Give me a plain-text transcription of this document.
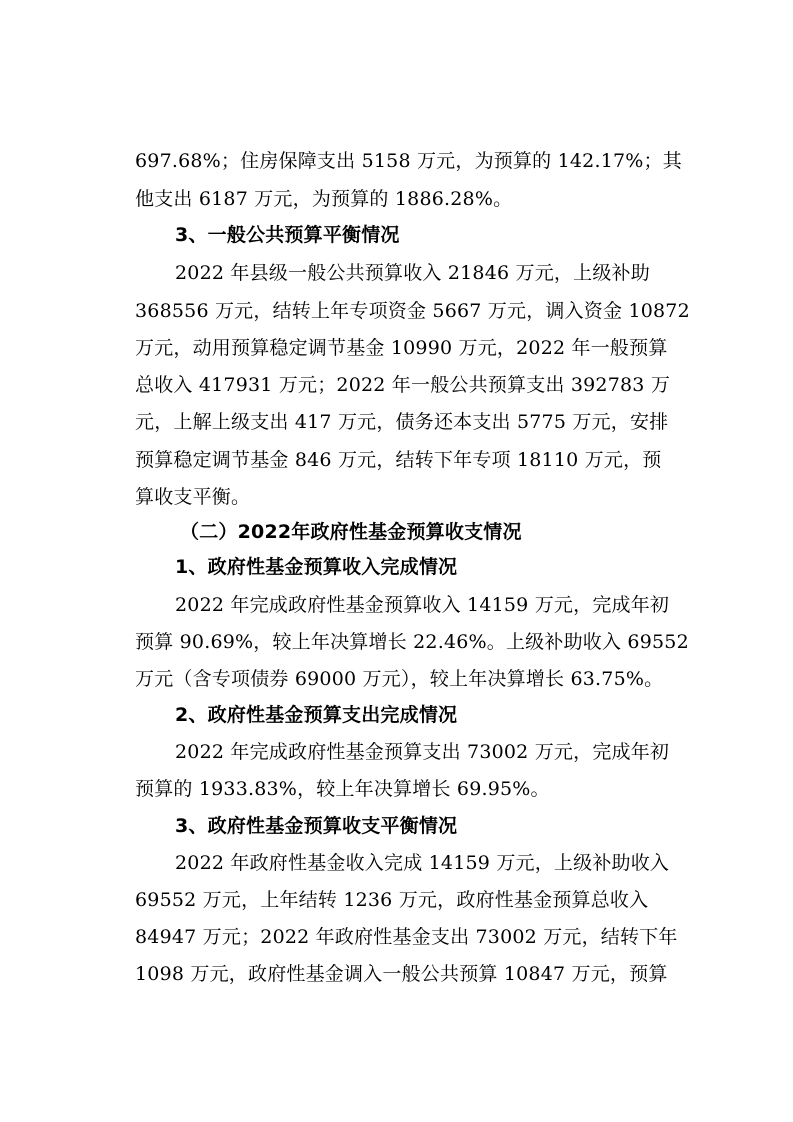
697.68%；住房保障支出 5158 万元，为预算的 142.17%；其
他支出 6187 万元，为预算的 1886.28%。
3、一般公共预算平衡情况
2022 年县级一般公共预算收入 21846 万元，上级补助
368556 万元，结转上年专项资金 5667 万元，调入资金 10872
万元，动用预算稳定调节基金 10990 万元，2022 年一般预算
总收入 417931 万元；2022 年一般公共预算支出 392783 万
元，上解上级支出 417 万元，债务还本支出 5775 万元，安排
预算稳定调节基金 846 万元，结转下年专项 18110 万元，预
算收支平衡。
（二）2022年政府性基金预算收支情况
1、政府性基金预算收入完成情况
2022 年完成政府性基金预算收入 14159 万元，完成年初
预算 90.69%，较上年决算增长 22.46%。上级补助收入 69552
万元（含专项债券 69000 万元），较上年决算增长 63.75%。
2、政府性基金预算支出完成情况
2022 年完成政府性基金预算支出 73002 万元，完成年初
预算的 1933.83%，较上年决算增长 69.95%。
3、政府性基金预算收支平衡情况
2022 年政府性基金收入完成 14159 万元，上级补助收入
69552 万元，上年结转 1236 万元，政府性基金预算总收入
84947 万元；2022 年政府性基金支出 73002 万元，结转下年
1098 万元，政府性基金调入一般公共预算 10847 万元，预算
